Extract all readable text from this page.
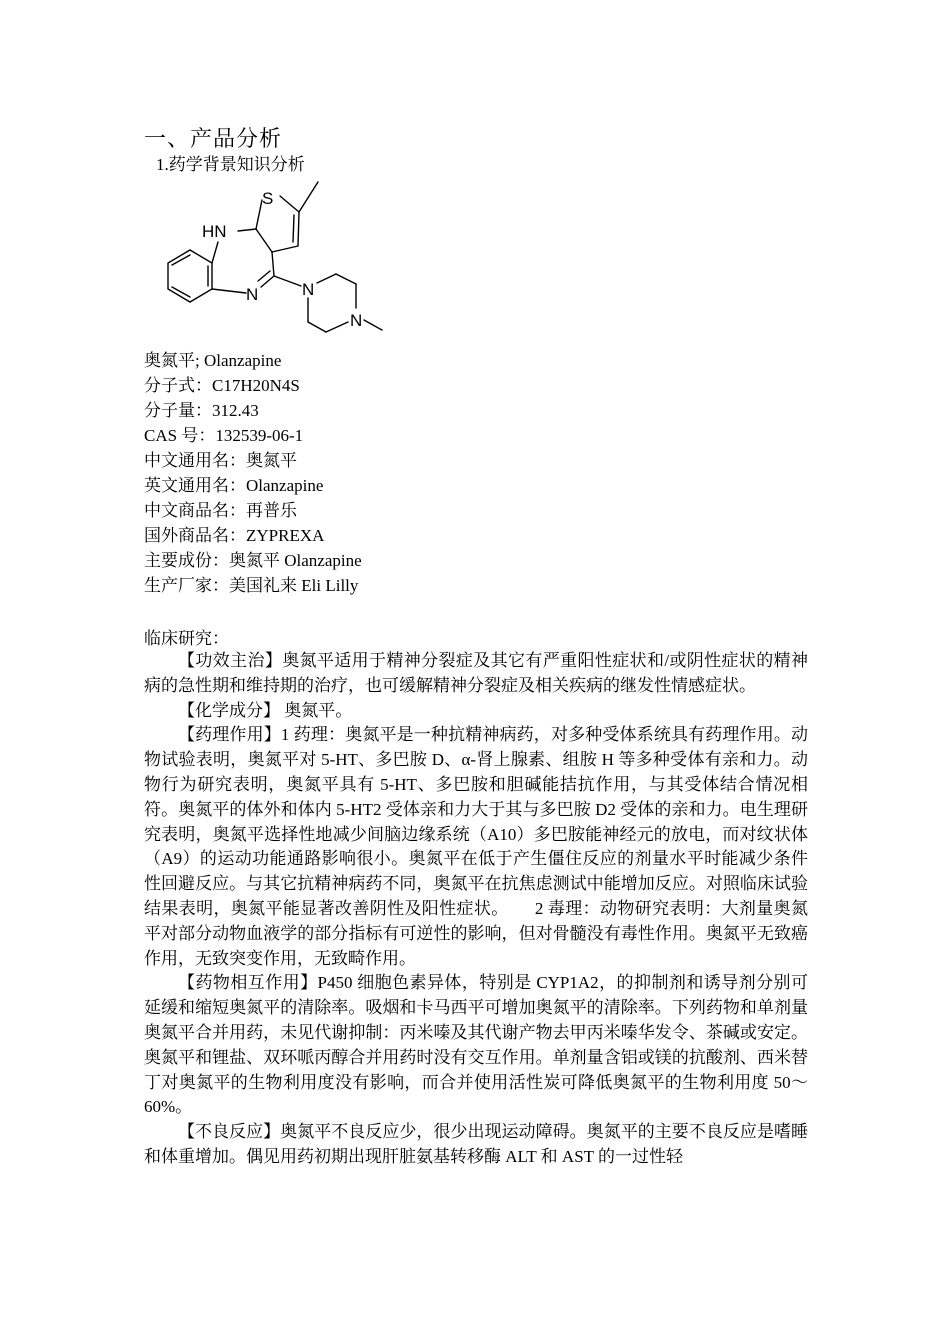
一、产品分析
1.药学背景知识分析
S
HN
N	N
N
奥氮平; Olanzapine
分子式：C17H20N4S
分子量：312.43
CAS 号：132539-06-1
中文通用名：奥氮平
英文通用名：Olanzapine
中文商品名：再普乐
国外商品名：ZYPREXA
主要成份：奥氮平 Olanzapine
生产厂家：美国礼来 Eli Lilly
临床研究：

【功效主治】奥氮平适用于精神分裂症及其它有严重阳性症状和/或阴性症状的精神病的急性期和维持期的治疗，也可缓解精神分裂症及相关疾病的继发性情感症状。

【化学成分】 奥氮平。

【药理作用】1 药理：奥氮平是一种抗精神病药，对多种受体系统具有药理作用。动物试验表明，奥氮平对 5-HT、多巴胺 D、α-肾上腺素、组胺 H 等多种受体有亲和力。动物行为研究表明，奥氮平具有 5-HT、多巴胺和胆碱能拮抗作用，与其受体结合情况相符。奥氮平的体外和体内 5-HT2 受体亲和力大于其与多巴胺 D2 受体的亲和力。电生理研究表明，奥氮平选择性地减少间脑边缘系统（A10）多巴胺能神经元的放电，而对纹状体（A9）的运动功能通路影响很小。奥氮平在低于产生僵住反应的剂量水平时能减少条件性回避反应。与其它抗精神病药不同，奥氮平在抗焦虑测试中能增加反应。对照临床试验结果表明，奥氮平能显著改善阴性及阳性症状。　　2 毒理：动物研究表明：大剂量奥氮平对部分动物血液学的部分指标有可逆性的影响，但对骨髓没有毒性作用。奥氮平无致癌作用，无致突变作用，无致畸作用。

【药物相互作用】P450 细胞色素异体，特别是 CYP1A2，的抑制剂和诱导剂分别可延缓和缩短奥氮平的清除率。吸烟和卡马西平可增加奥氮平的清除率。下列药物和单剂量奥氮平合并用药，未见代谢抑制：丙米嗪及其代谢产物去甲丙米嗪华发令、茶碱或安定。奥氮平和锂盐、双环哌丙醇合并用药时没有交互作用。单剂量含铝或镁的抗酸剂、西米替丁对奥氮平的生物利用度没有影响，而合并使用活性炭可降低奥氮平的生物利用度 50～60%。

【不良反应】奥氮平不良反应少，很少出现运动障碍。奥氮平的主要不良反应是嗜睡和体重增加。偶见用药初期出现肝脏氨基转移酶 ALT 和 AST 的一过性轻
